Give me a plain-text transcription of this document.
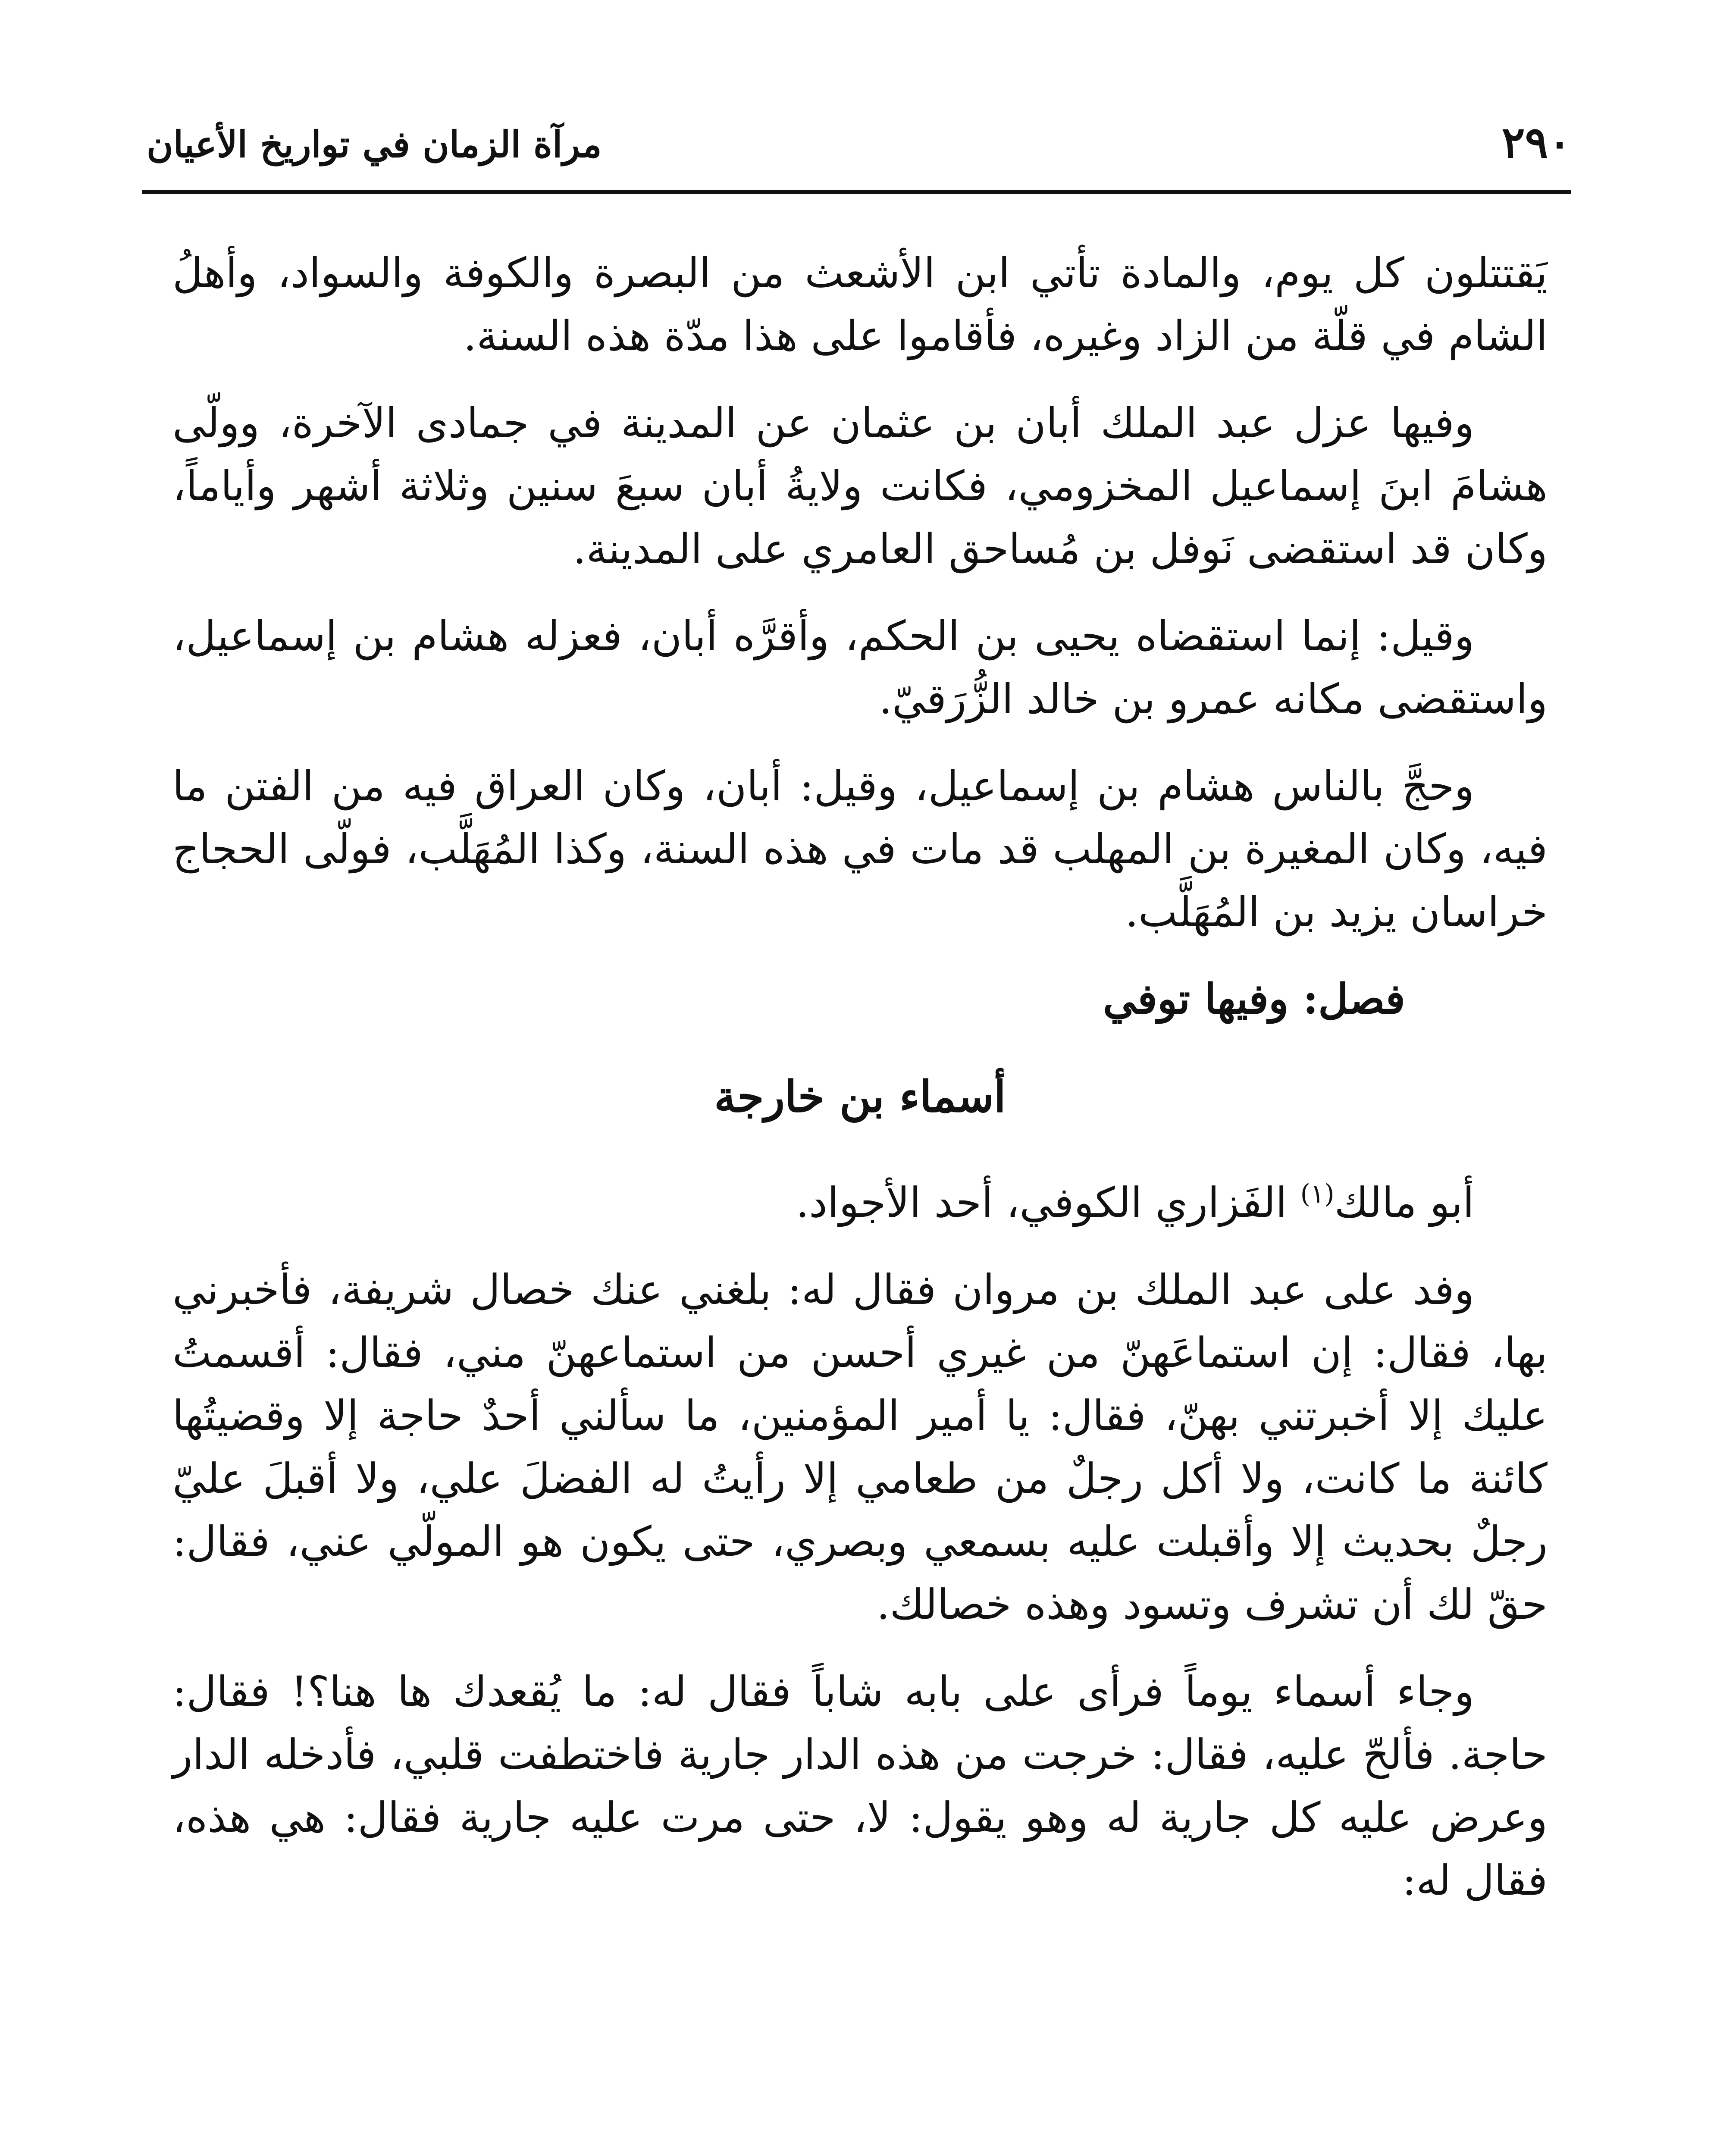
٢٩٠
مرآة الزمان في تواريخ الأعيان

يَقتتلون كل يوم، والمادة تأتي ابن الأشعث من البصرة والكوفة والسواد، وأهلُ الشام في قلّة من الزاد وغيره، فأقاموا على هذا مدّة هذه السنة.

وفيها عزل عبد الملك أبان بن عثمان عن المدينة في جمادى الآخرة، وولّى هشامَ ابنَ إسماعيل المخزومي، فكانت ولايةُ أبان سبعَ سنين وثلاثة أشهر وأياماً، وكان قد استقضى نَوفل بن مُساحق العامري على المدينة.

وقيل: إنما استقضاه يحيى بن الحكم، وأقرَّه أبان، فعزله هشام بن إسماعيل، واستقضى مكانه عمرو بن خالد الزُّرَقيّ.

وحجَّ بالناس هشام بن إسماعيل، وقيل: أبان، وكان العراق فيه من الفتن ما فيه، وكان المغيرة بن المهلب قد مات في هذه السنة، وكذا المُهَلَّب، فولّى الحجاج خراسان يزيد بن المُهَلَّب.

فصل: وفيها توفي

أسماء بن خارجة

أبو مالك$^{(١)}$ الفَزاري الكوفي، أحد الأجواد.

وفد على عبد الملك بن مروان فقال له: بلغني عنك خصال شريفة، فأخبرني بها، فقال: إن استماعَهنّ من غيري أحسن من استماعهنّ مني، فقال: أقسمتُ عليك إلا أخبرتني بهنّ، فقال: يا أمير المؤمنين، ما سألني أحدٌ حاجة إلا وقضيتُها كائنة ما كانت، ولا أكل رجلٌ من طعامي إلا رأيتُ له الفضلَ علي، ولا أقبلَ عليّ رجلٌ بحديث إلا وأقبلت عليه بسمعي وبصري، حتى يكون هو المولّي عني، فقال: حقّ لك أن تشرف وتسود وهذه خصالك.

وجاء أسماء يوماً فرأى على بابه شاباً فقال له: ما يُقعدك ها هنا؟! فقال: حاجة. فألحّ عليه، فقال: خرجت من هذه الدار جارية فاختطفت قلبي، فأدخله الدار وعرض عليه كل جارية له وهو يقول: لا، حتى مرت عليه جارية فقال: هي هذه، فقال له:
